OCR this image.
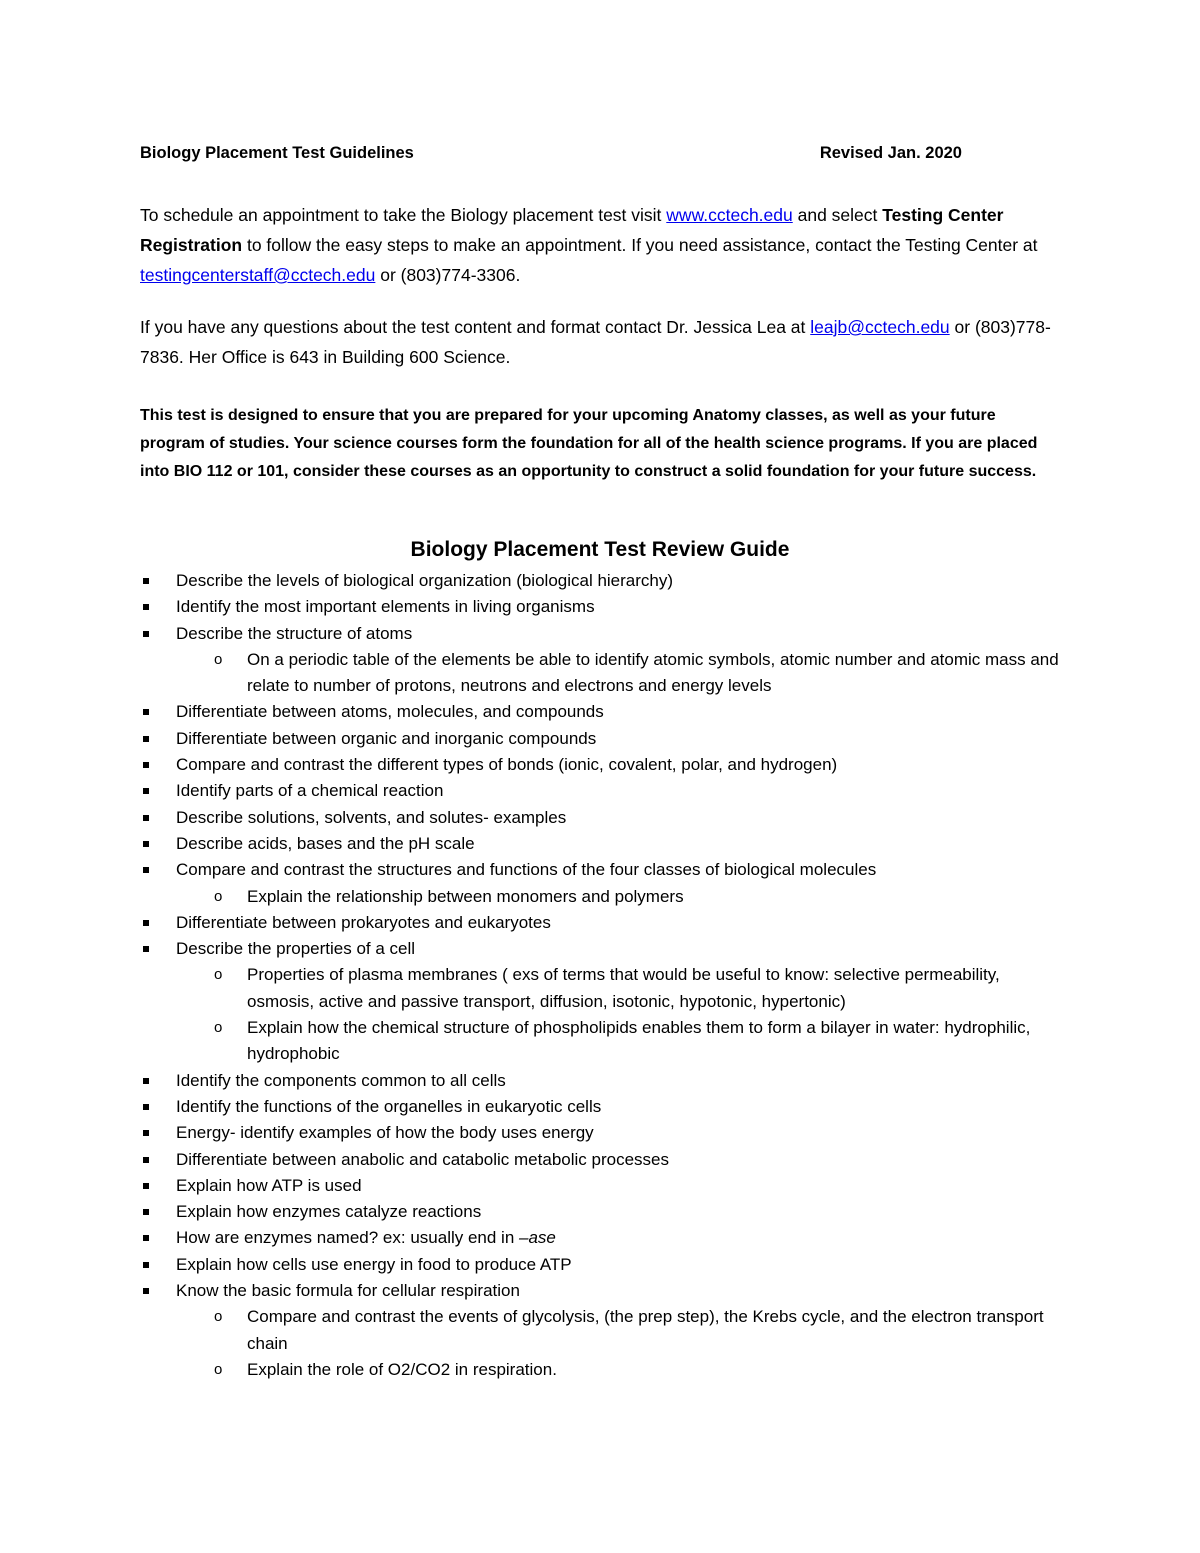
Biology Placement Test Guidelines	Revised Jan. 2020
To schedule an appointment to take the Biology placement test visit www.cctech.edu and select Testing Center Registration to follow the easy steps to make an appointment. If you need assistance, contact the Testing Center at testingcenterstaff@cctech.edu or (803)774-3306.
If you have any questions about the test content and format contact Dr. Jessica Lea at leajb@cctech.edu or (803)778-7836. Her Office is 643 in Building 600 Science.
This test is designed to ensure that you are prepared for your upcoming Anatomy classes, as well as your future program of studies. Your science courses form the foundation for all of the health science programs. If you are placed into BIO 112 or 101, consider these courses as an opportunity to construct a solid foundation for your future success.
Biology Placement Test Review Guide
Describe the levels of biological organization (biological hierarchy)
Identify the most important elements in living organisms
Describe the structure of atoms
o On a periodic table of the elements be able to identify atomic symbols, atomic number and atomic mass and relate to number of protons, neutrons and electrons and energy levels
Differentiate between atoms, molecules, and compounds
Differentiate between organic and inorganic compounds
Compare and contrast the different types of bonds (ionic, covalent, polar, and hydrogen)
Identify parts of a chemical reaction
Describe solutions, solvents, and solutes- examples
Describe acids, bases and the pH scale
Compare and contrast the structures and functions of the four classes of biological molecules
o Explain the relationship between monomers and polymers
Differentiate between prokaryotes and eukaryotes
Describe the properties of a cell
o Properties of plasma membranes ( exs of terms that would be useful to know: selective permeability, osmosis, active and passive transport, diffusion, isotonic, hypotonic, hypertonic)
o Explain how the chemical structure of phospholipids enables them to form a bilayer in water: hydrophilic, hydrophobic
Identify the components common to all cells
Identify the functions of the organelles in eukaryotic cells
Energy- identify examples of how the body uses energy
Differentiate between anabolic and catabolic metabolic processes
Explain how ATP is used
Explain how enzymes catalyze reactions
How are enzymes named? ex: usually end in –ase
Explain how cells use energy in food to produce ATP
Know the basic formula for cellular respiration
o Compare and contrast the events of glycolysis, (the prep step), the Krebs cycle, and the electron transport chain
o Explain the role of O2/CO2 in respiration.
